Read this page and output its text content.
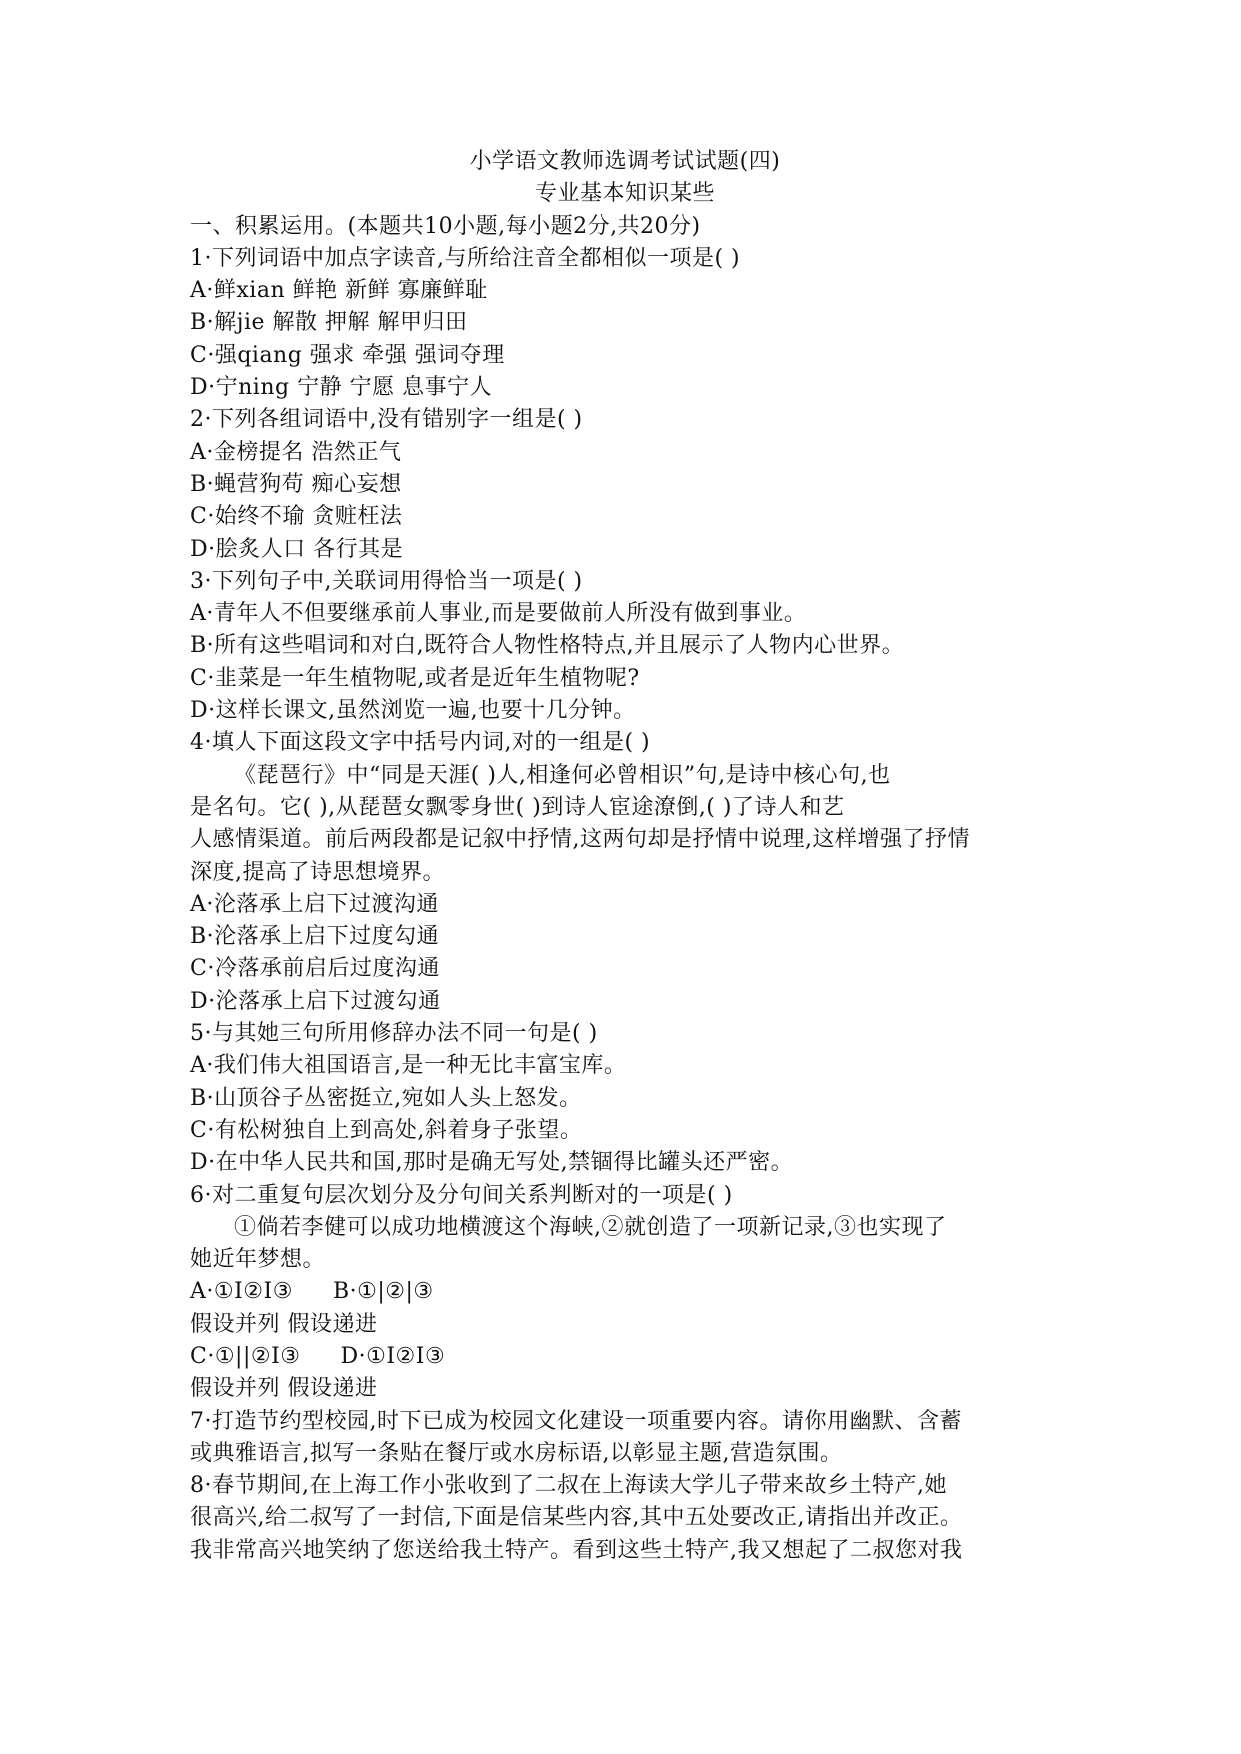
小学语文教师选调考试试题(四)
专业基本知识某些
一、积累运用。(本题共10小题,每小题2分,共20分)
1·下列词语中加点字读音,与所给注音全都相似一项是( )
A·鲜xian 鲜艳 新鲜 寡廉鲜耻
B·解jie 解散 押解 解甲归田
C·强qiang 强求 牵强 强词夺理
D·宁ning 宁静 宁愿 息事宁人
2·下列各组词语中,没有错别字一组是( )
A·金榜提名 浩然正气
B·蝇营狗苟 痴心妄想
C·始终不瑜 贪赃枉法
D·脍炙人口 各行其是
3·下列句子中,关联词用得恰当一项是( )
A·青年人不但要继承前人事业,而是要做前人所没有做到事业。
B·所有这些唱词和对白,既符合人物性格特点,并且展示了人物内心世界。
C·韭菜是一年生植物呢,或者是近年生植物呢?
D·这样长课文,虽然浏览一遍,也要十几分钟。
4·填人下面这段文字中括号内词,对的一组是( )
《琵琶行》中“同是天涯( )人,相逢何必曾相识”句,是诗中核心句,也
是名句。它( ),从琵琶女飘零身世( )到诗人宦途潦倒,( )了诗人和艺
人感情渠道。前后两段都是记叙中抒情,这两句却是抒情中说理,这样增强了抒情
深度,提高了诗思想境界。
A·沦落承上启下过渡沟通
B·沦落承上启下过度勾通
C·冷落承前启后过度沟通
D·沦落承上启下过渡勾通
5·与其她三句所用修辞办法不同一句是( )
A·我们伟大祖国语言,是一种无比丰富宝库。
B·山顶谷子丛密挺立,宛如人头上怒发。
C·有松树独自上到高处,斜着身子张望。
D·在中华人民共和国,那时是确无写处,禁锢得比罐头还严密。
6·对二重复句层次划分及分句间关系判断对的一项是( )
①倘若李健可以成功地横渡这个海峡,②就创造了一项新记录,③也实现了
她近年梦想。
A·①I②I③ B·①|②|③
假设并列 假设递进
C·①||②I③ D·①I②I③
假设并列 假设递进
7·打造节约型校园,时下已成为校园文化建设一项重要内容。请你用幽默、含蓄
或典雅语言,拟写一条贴在餐厅或水房标语,以彰显主题,营造氛围。
8·春节期间,在上海工作小张收到了二叔在上海读大学儿子带来故乡土特产,她
很高兴,给二叔写了一封信,下面是信某些内容,其中五处要改正,请指出并改正。
我非常高兴地笑纳了您送给我土特产。看到这些土特产,我又想起了二叔您对我
